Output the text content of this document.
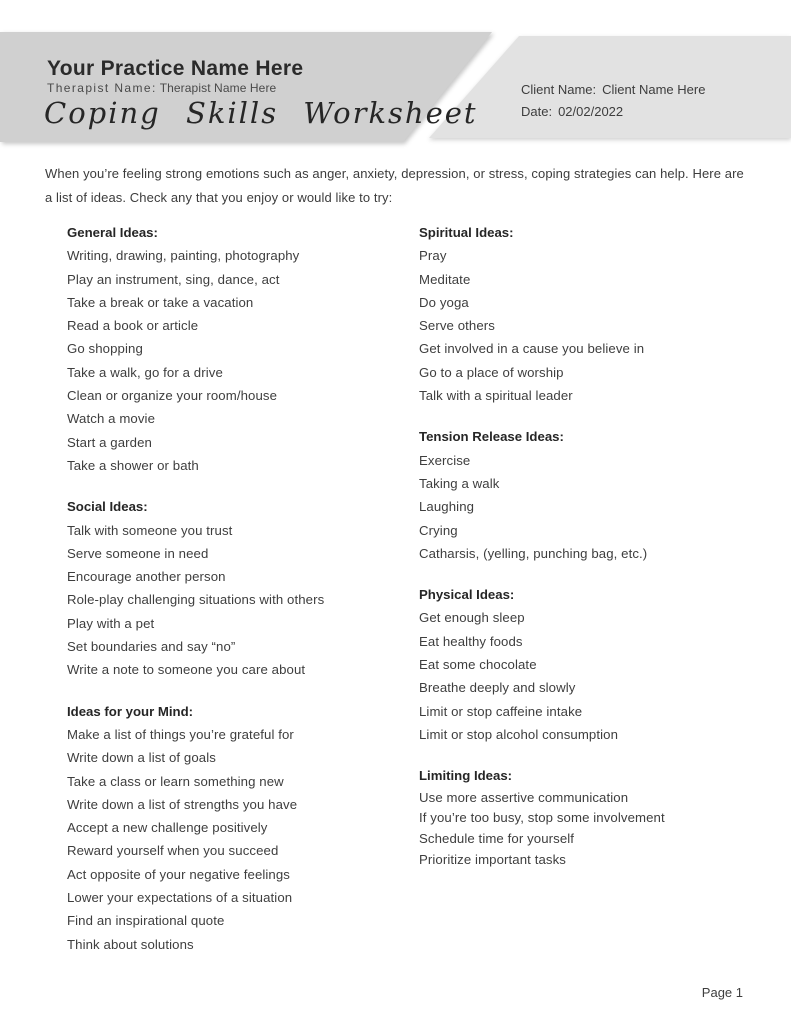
Your Practice Name Here

Therapist Name: Therapist Name Here

Coping Skills Worksheet
Client Name: Client Name Here
Date: 02/02/2022

When you’re feeling strong emotions such as anger, anxiety, depression, or stress, coping strategies can help. Here are a list of ideas. Check any that you enjoy or would like to try:

General Ideas:
Writing, drawing, painting, photography
Play an instrument, sing, dance, act
Take a break or take a vacation
Read a book or article
Go shopping
Take a walk, go for a drive
Clean or organize your room/house
Watch a movie
Start a garden
Take a shower or bath
Social Ideas:
Talk with someone you trust
Serve someone in need
Encourage another person
Role-play challenging situations with others
Play with a pet
Set boundaries and say “no”
Write a note to someone you care about
Ideas for your Mind:
Make a list of things you’re grateful for
Write down a list of goals
Take a class or learn something new
Write down a list of strengths you have
Accept a new challenge positively
Reward yourself when you succeed
Act opposite of your negative feelings
Lower your expectations of a situation
Find an inspirational quote
Think about solutions
Spiritual Ideas:
Pray
Meditate
Do yoga
Serve others
Get involved in a cause you believe in
Go to a place of worship
Talk with a spiritual leader
Tension Release Ideas:
Exercise
Taking a walk
Laughing
Crying
Catharsis, (yelling, punching bag, etc.)
Physical Ideas:
Get enough sleep
Eat healthy foods
Eat some chocolate
Breathe deeply and slowly
Limit or stop caffeine intake
Limit or stop alcohol consumption
Limiting Ideas:
Use more assertive communication
If you’re too busy, stop some involvement
Schedule time for yourself
Prioritize important tasks
Page 1
